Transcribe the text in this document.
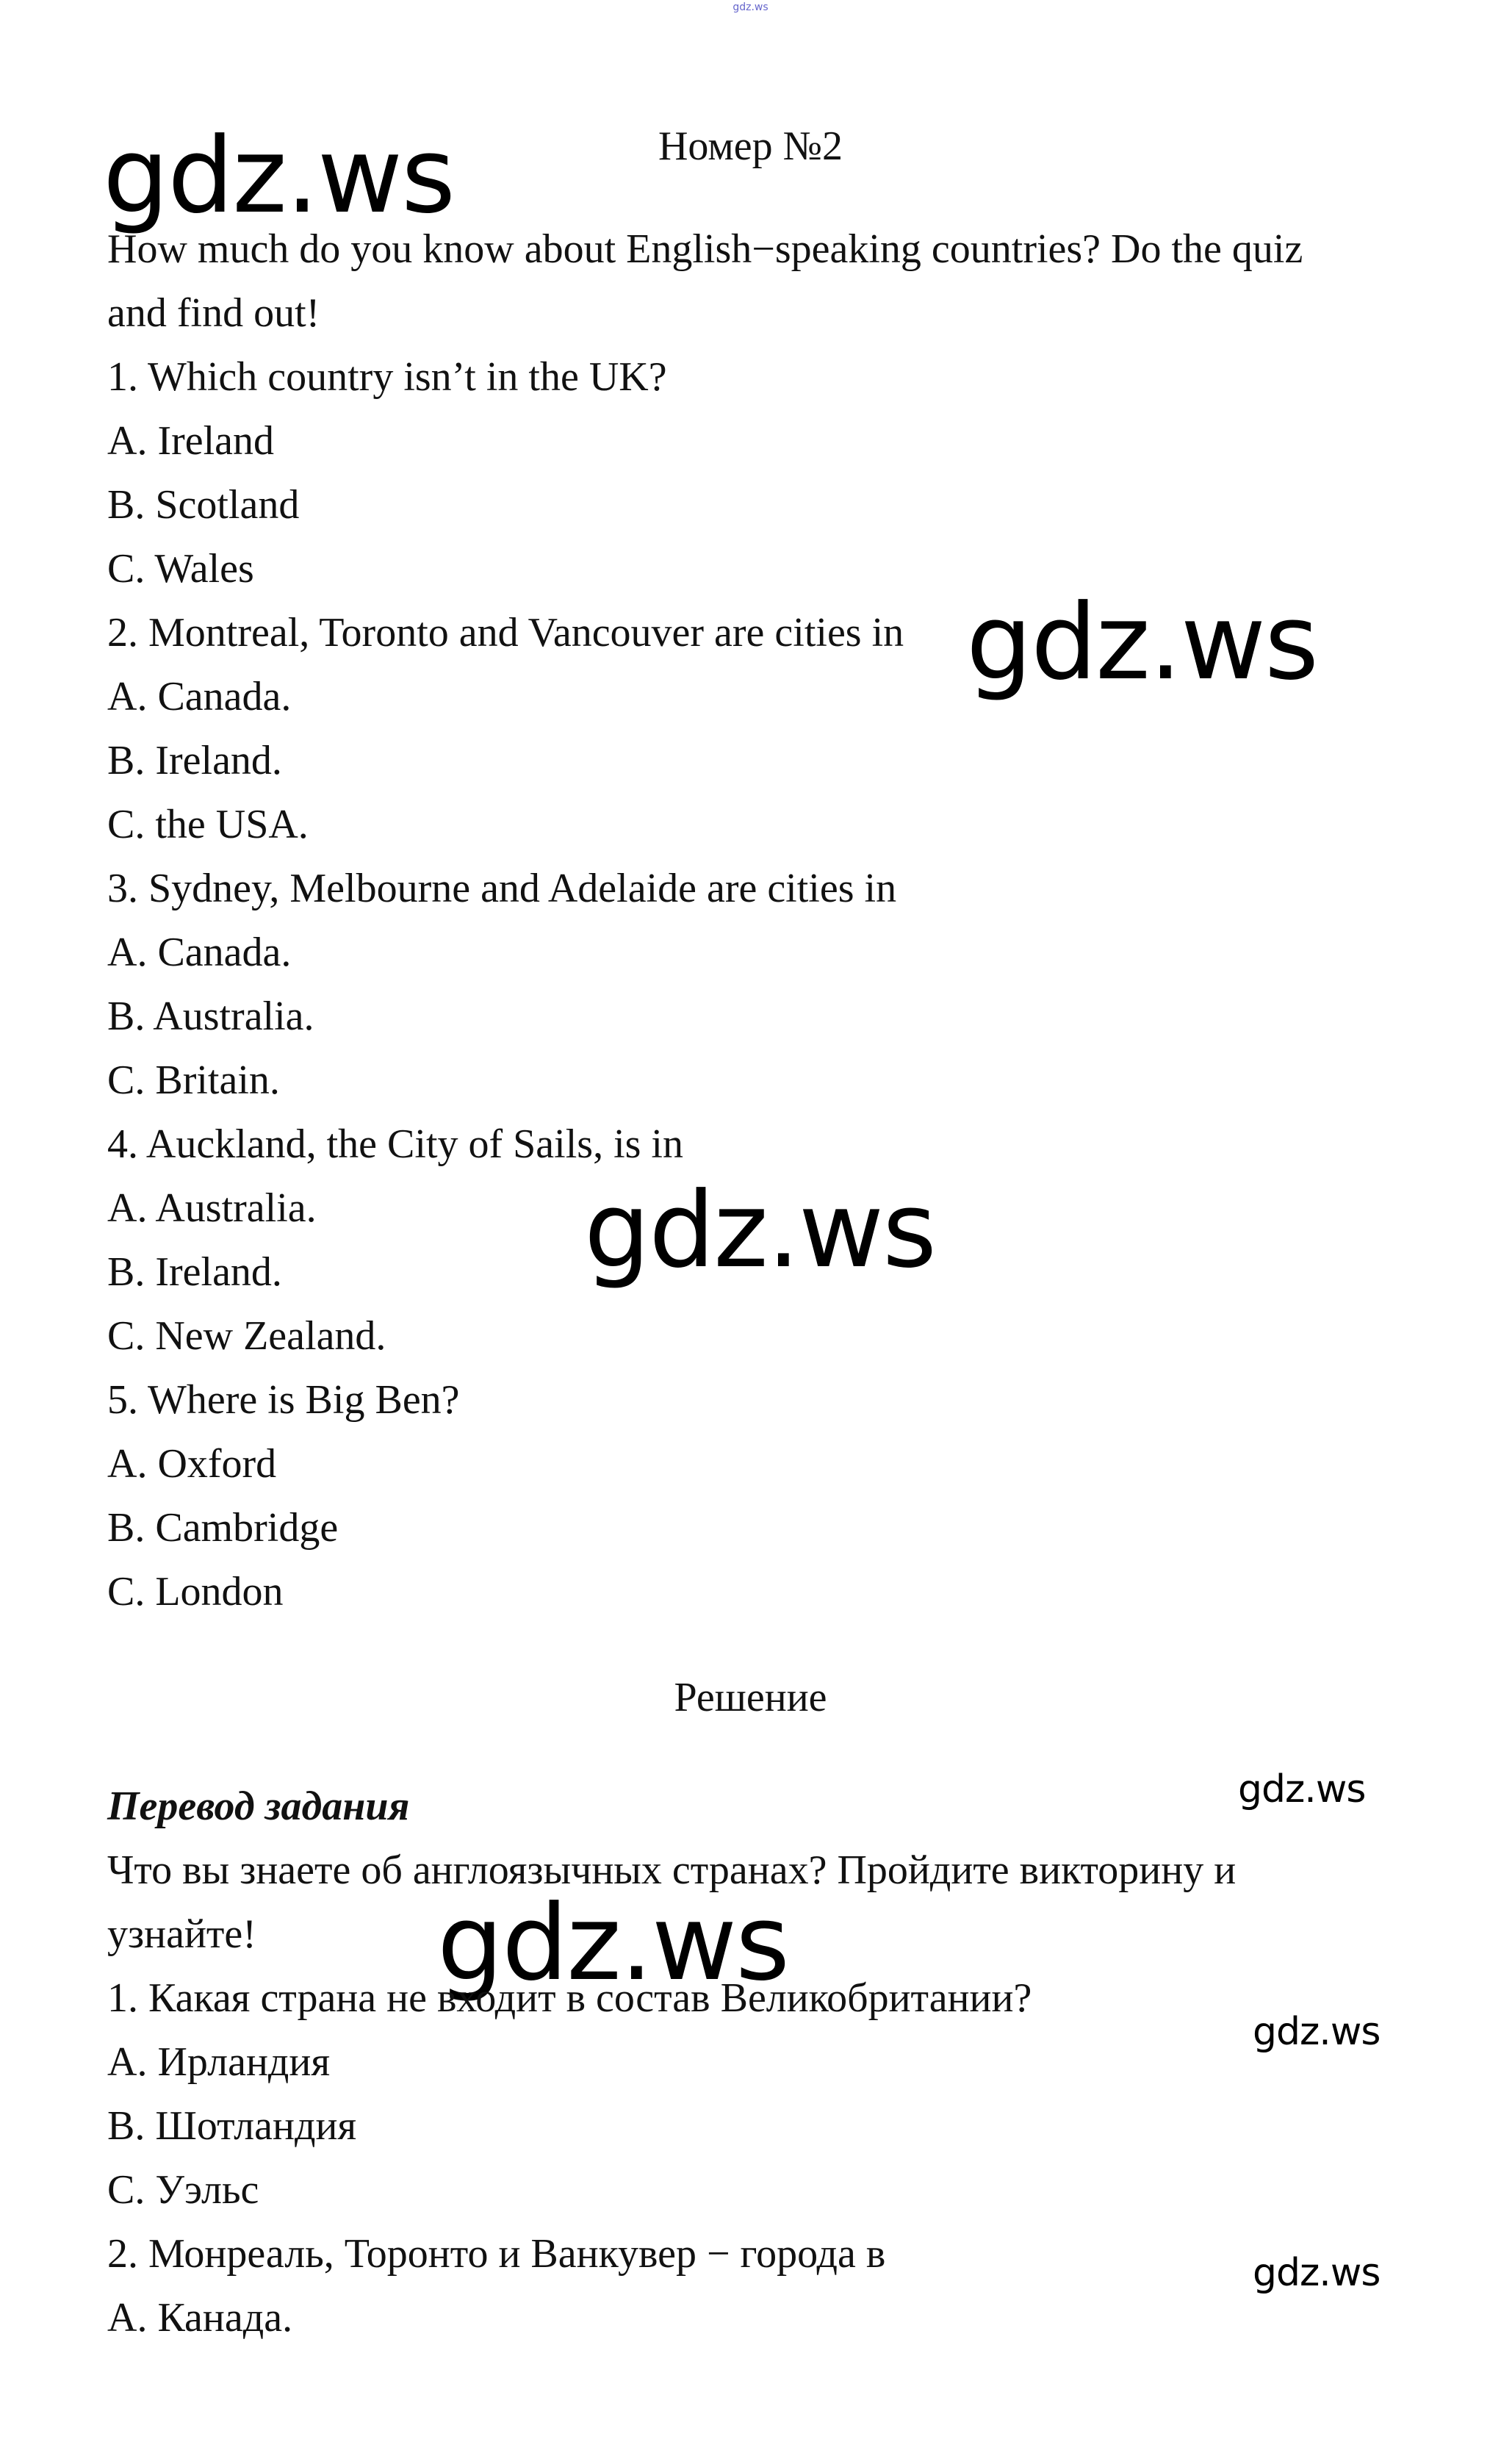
gdz.ws
gdz.ws
gdz.ws
gdz.ws
gdz.ws
gdz.ws
gdz.ws
gdz.ws
Номер №2
How much do you know about English−speaking countries? Do the quiz
and find out!
1. Which country isn’t in the UK?
A. Ireland
B. Scotland
C. Wales
2. Montreal, Toronto and Vancouver are cities in
A. Canada.
B. Ireland.
C. the USA.
3. Sydney, Melbourne and Adelaide are cities in
A. Canada.
B. Australia.
C. Britain.
4. Auckland, the City of Sails, is in
A. Australia.
B. Ireland.
C. New Zealand.
5. Where is Big Ben?
A. Oxford
B. Cambridge
C. London
Решение
Перевод задания
Что вы знаете об англоязычных странах? Пройдите викторину и
узнайте!
1. Какая страна не входит в состав Великобритании?
A. Ирландия
B. Шотландия
C. Уэльс
2. Монреаль, Торонто и Ванкувер − города в
A. Канада.
